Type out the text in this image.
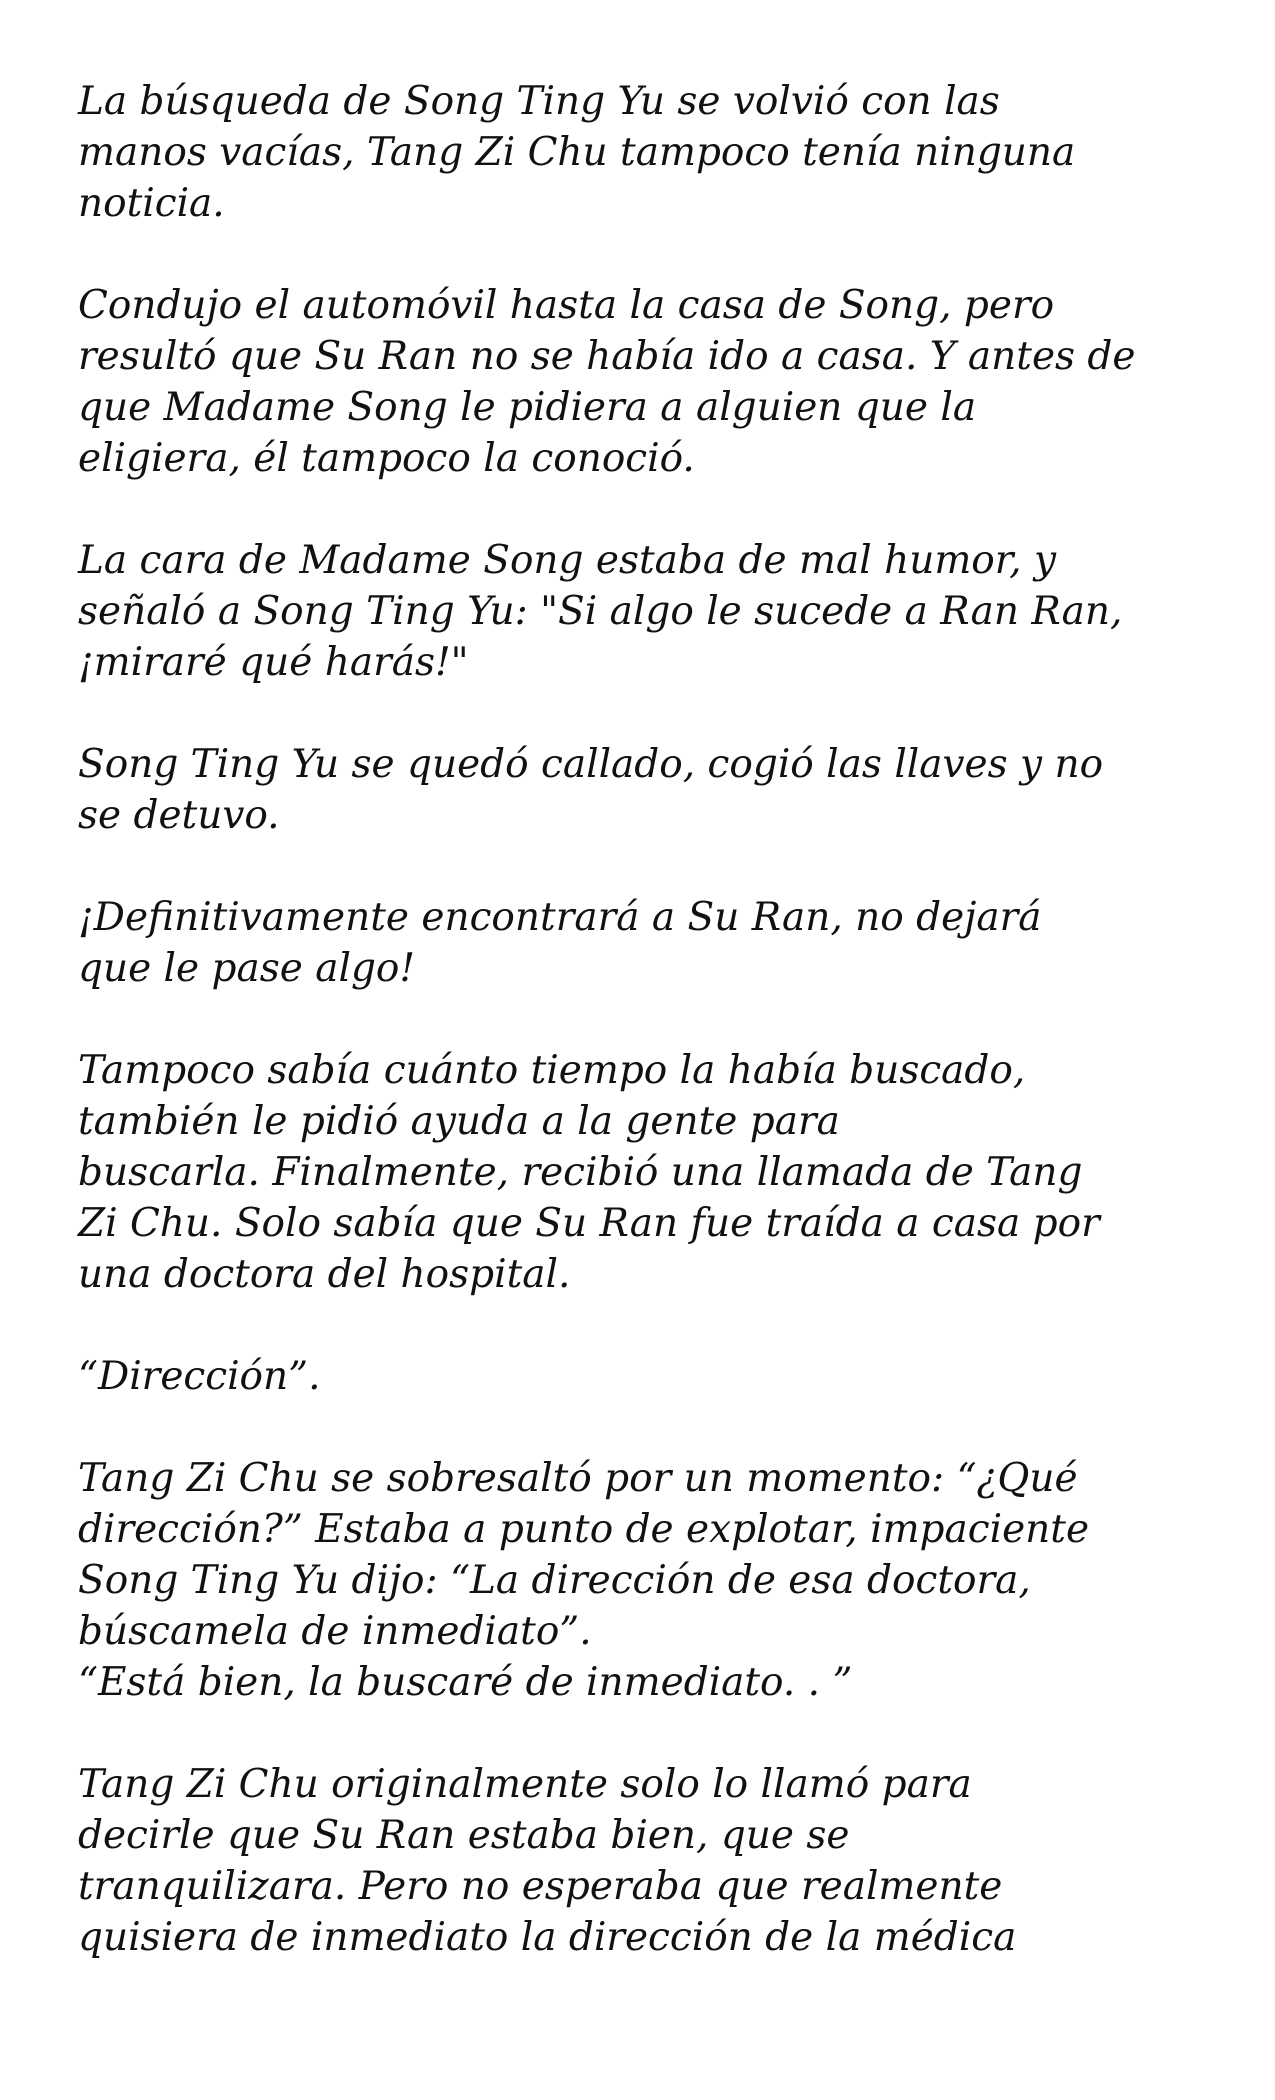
La búsqueda de Song Ting Yu se volvió con las
manos vacías, Tang Zi Chu tampoco tenía ninguna
noticia.
Condujo el automóvil hasta la casa de Song, pero
resultó que Su Ran no se había ido a casa. Y antes de
que Madame Song le pidiera a alguien que la
eligiera, él tampoco la conoció.
La cara de Madame Song estaba de mal humor, y
señaló a Song Ting Yu: "Si algo le sucede a Ran Ran,
¡miraré qué harás!"
Song Ting Yu se quedó callado, cogió las llaves y no
se detuvo.
¡Definitivamente encontrará a Su Ran, no dejará
que le pase algo!
Tampoco sabía cuánto tiempo la había buscado,
también le pidió ayuda a la gente para
buscarla. Finalmente, recibió una llamada de Tang
Zi Chu. Solo sabía que Su Ran fue traída a casa por
una doctora del hospital.
“Dirección”.
Tang Zi Chu se sobresaltó por un momento: “¿Qué
dirección?” Estaba a punto de explotar, impaciente
Song Ting Yu dijo: “La dirección de esa doctora,
búscamela de inmediato”.
“Está bien, la buscaré de inmediato. . ”
Tang Zi Chu originalmente solo lo llamó para
decirle que Su Ran estaba bien, que se
tranquilizara. Pero no esperaba que realmente
quisiera de inmediato la dirección de la médica
